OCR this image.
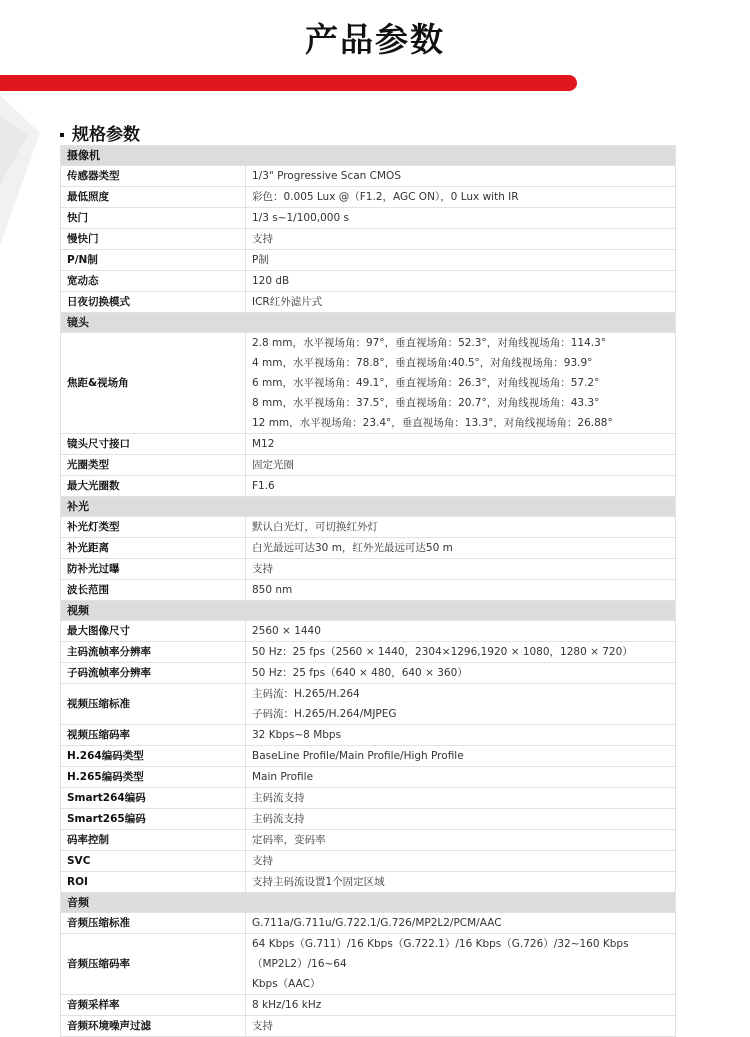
产品参数
规格参数
摄像机	
传感器类型	1/3" Progressive Scan CMOS

最低照度	彩色：0.005 Lux @（F1.2，AGC ON），0 Lux with IR

快门	1/3 s~1/100,000 s

慢快门	支持

P/N制	P制

宽动态	120 dB

日夜切换模式	ICR红外滤片式

镜头	
焦距&视场角	2.8 mm，水平视场角：97°，垂直视场角：52.3°，对角线视场角：114.3°
4 mm，水平视场角：78.8°，垂直视场角:40.5°，对角线视场角：93.9°
6 mm，水平视场角：49.1°，垂直视场角：26.3°，对角线视场角：57.2°
8 mm，水平视场角：37.5°，垂直视场角：20.7°，对角线视场角：43.3°
12 mm，水平视场角：23.4°，垂直视场角：13.3°，对角线视场角：26.88°

镜头尺寸接口	M12

光圈类型	固定光圈

最大光圈数	F1.6

补光	
补光灯类型	默认白光灯，可切换红外灯

补光距离	白光最远可达30 m，红外光最远可达50 m

防补光过曝	支持

波长范围	850 nm

视频	
最大图像尺寸	2560 × 1440

主码流帧率分辨率	50 Hz：25 fps（2560 × 1440，2304×1296,1920 × 1080，1280 × 720）

子码流帧率分辨率	50 Hz：25 fps（640 × 480，640 × 360）

视频压缩标准	主码流：H.265/H.264
子码流：H.265/H.264/MJPEG

视频压缩码率	32 Kbps~8 Mbps

H.264编码类型	BaseLine Profile/Main Profile/High Profile

H.265编码类型	Main Profile

Smart264编码	主码流支持

Smart265编码	主码流支持

码率控制	定码率，变码率

SVC	支持

ROI	支持主码流设置1个固定区域

音频	
音频压缩标准	G.711a/G.711u/G.722.1/G.726/MP2L2/PCM/AAC

音频压缩码率	64 Kbps（G.711）/16 Kbps（G.722.1）/16 Kbps（G.726）/32~160 Kbps（MP2L2）/16~64
Kbps（AAC）

音频采样率	8 kHz/16 kHz

音频环境噪声过滤	支持
